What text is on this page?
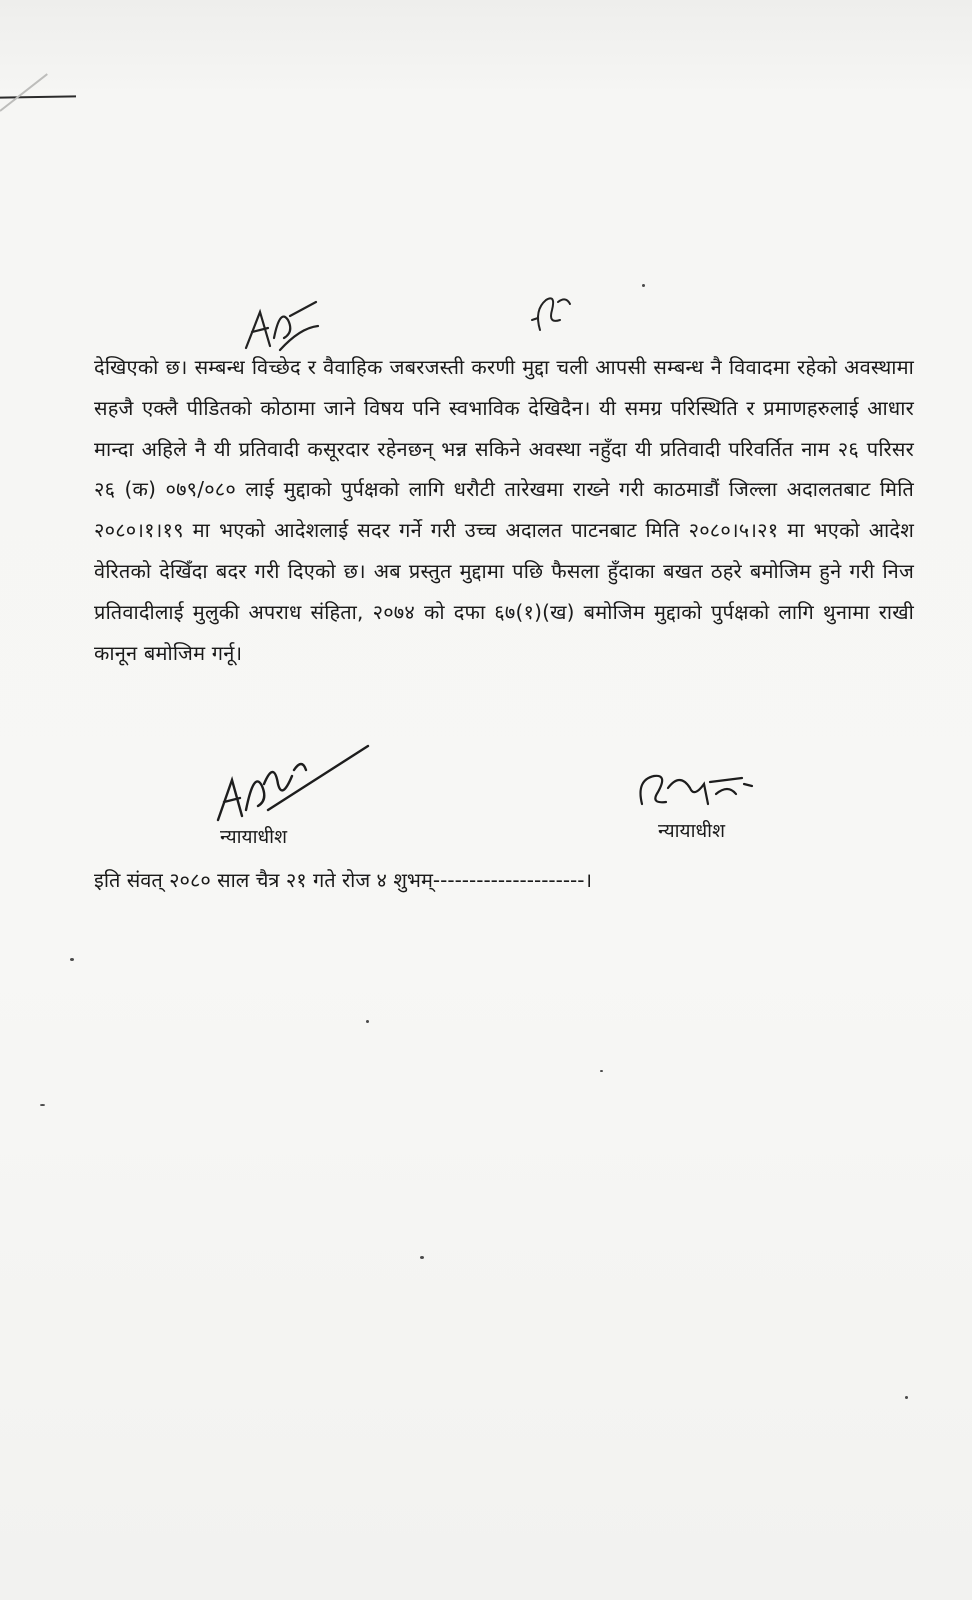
देखिएको छ। सम्बन्ध विच्छेद र वैवाहिक जबरजस्ती करणी मुद्दा चली आपसी सम्बन्ध नै विवादमा रहेको अवस्थामा सहजै एक्लै पीडितको कोठामा जाने विषय पनि स्वभाविक देखिदैन। यी समग्र परिस्थिति र प्रमाणहरुलाई आधार मान्दा अहिले नै यी प्रतिवादी कसूरदार रहेनछन् भन्न सकिने अवस्था नहुँदा यी प्रतिवादी परिवर्तित नाम २६ परिसर २६ (क) ०७९/०८० लाई मुद्दाको पुर्पक्षको लागि धरौटी तारेखमा राख्ने गरी काठमाडौं जिल्ला अदालतबाट मिति २०८०।१।१९ मा भएको आदेशलाई सदर गर्ने गरी उच्च अदालत पाटनबाट मिति २०८०।५।२१ मा भएको आदेश वेरितको देखिँदा बदर गरी दिएको छ। अब प्रस्तुत मुद्दामा पछि फैसला हुँदाका बखत ठहरे बमोजिम हुने गरी निज प्रतिवादीलाई मुलुकी अपराध संहिता, २०७४ को दफा ६७(१)(ख) बमोजिम मुद्दाको पुर्पक्षको लागि थुनामा राखी कानून बमोजिम गर्नू।

न्यायाधीश	न्यायाधीश
इति संवत् २०८० साल चैत्र २१ गते रोज ४ शुभम्---------------------।
